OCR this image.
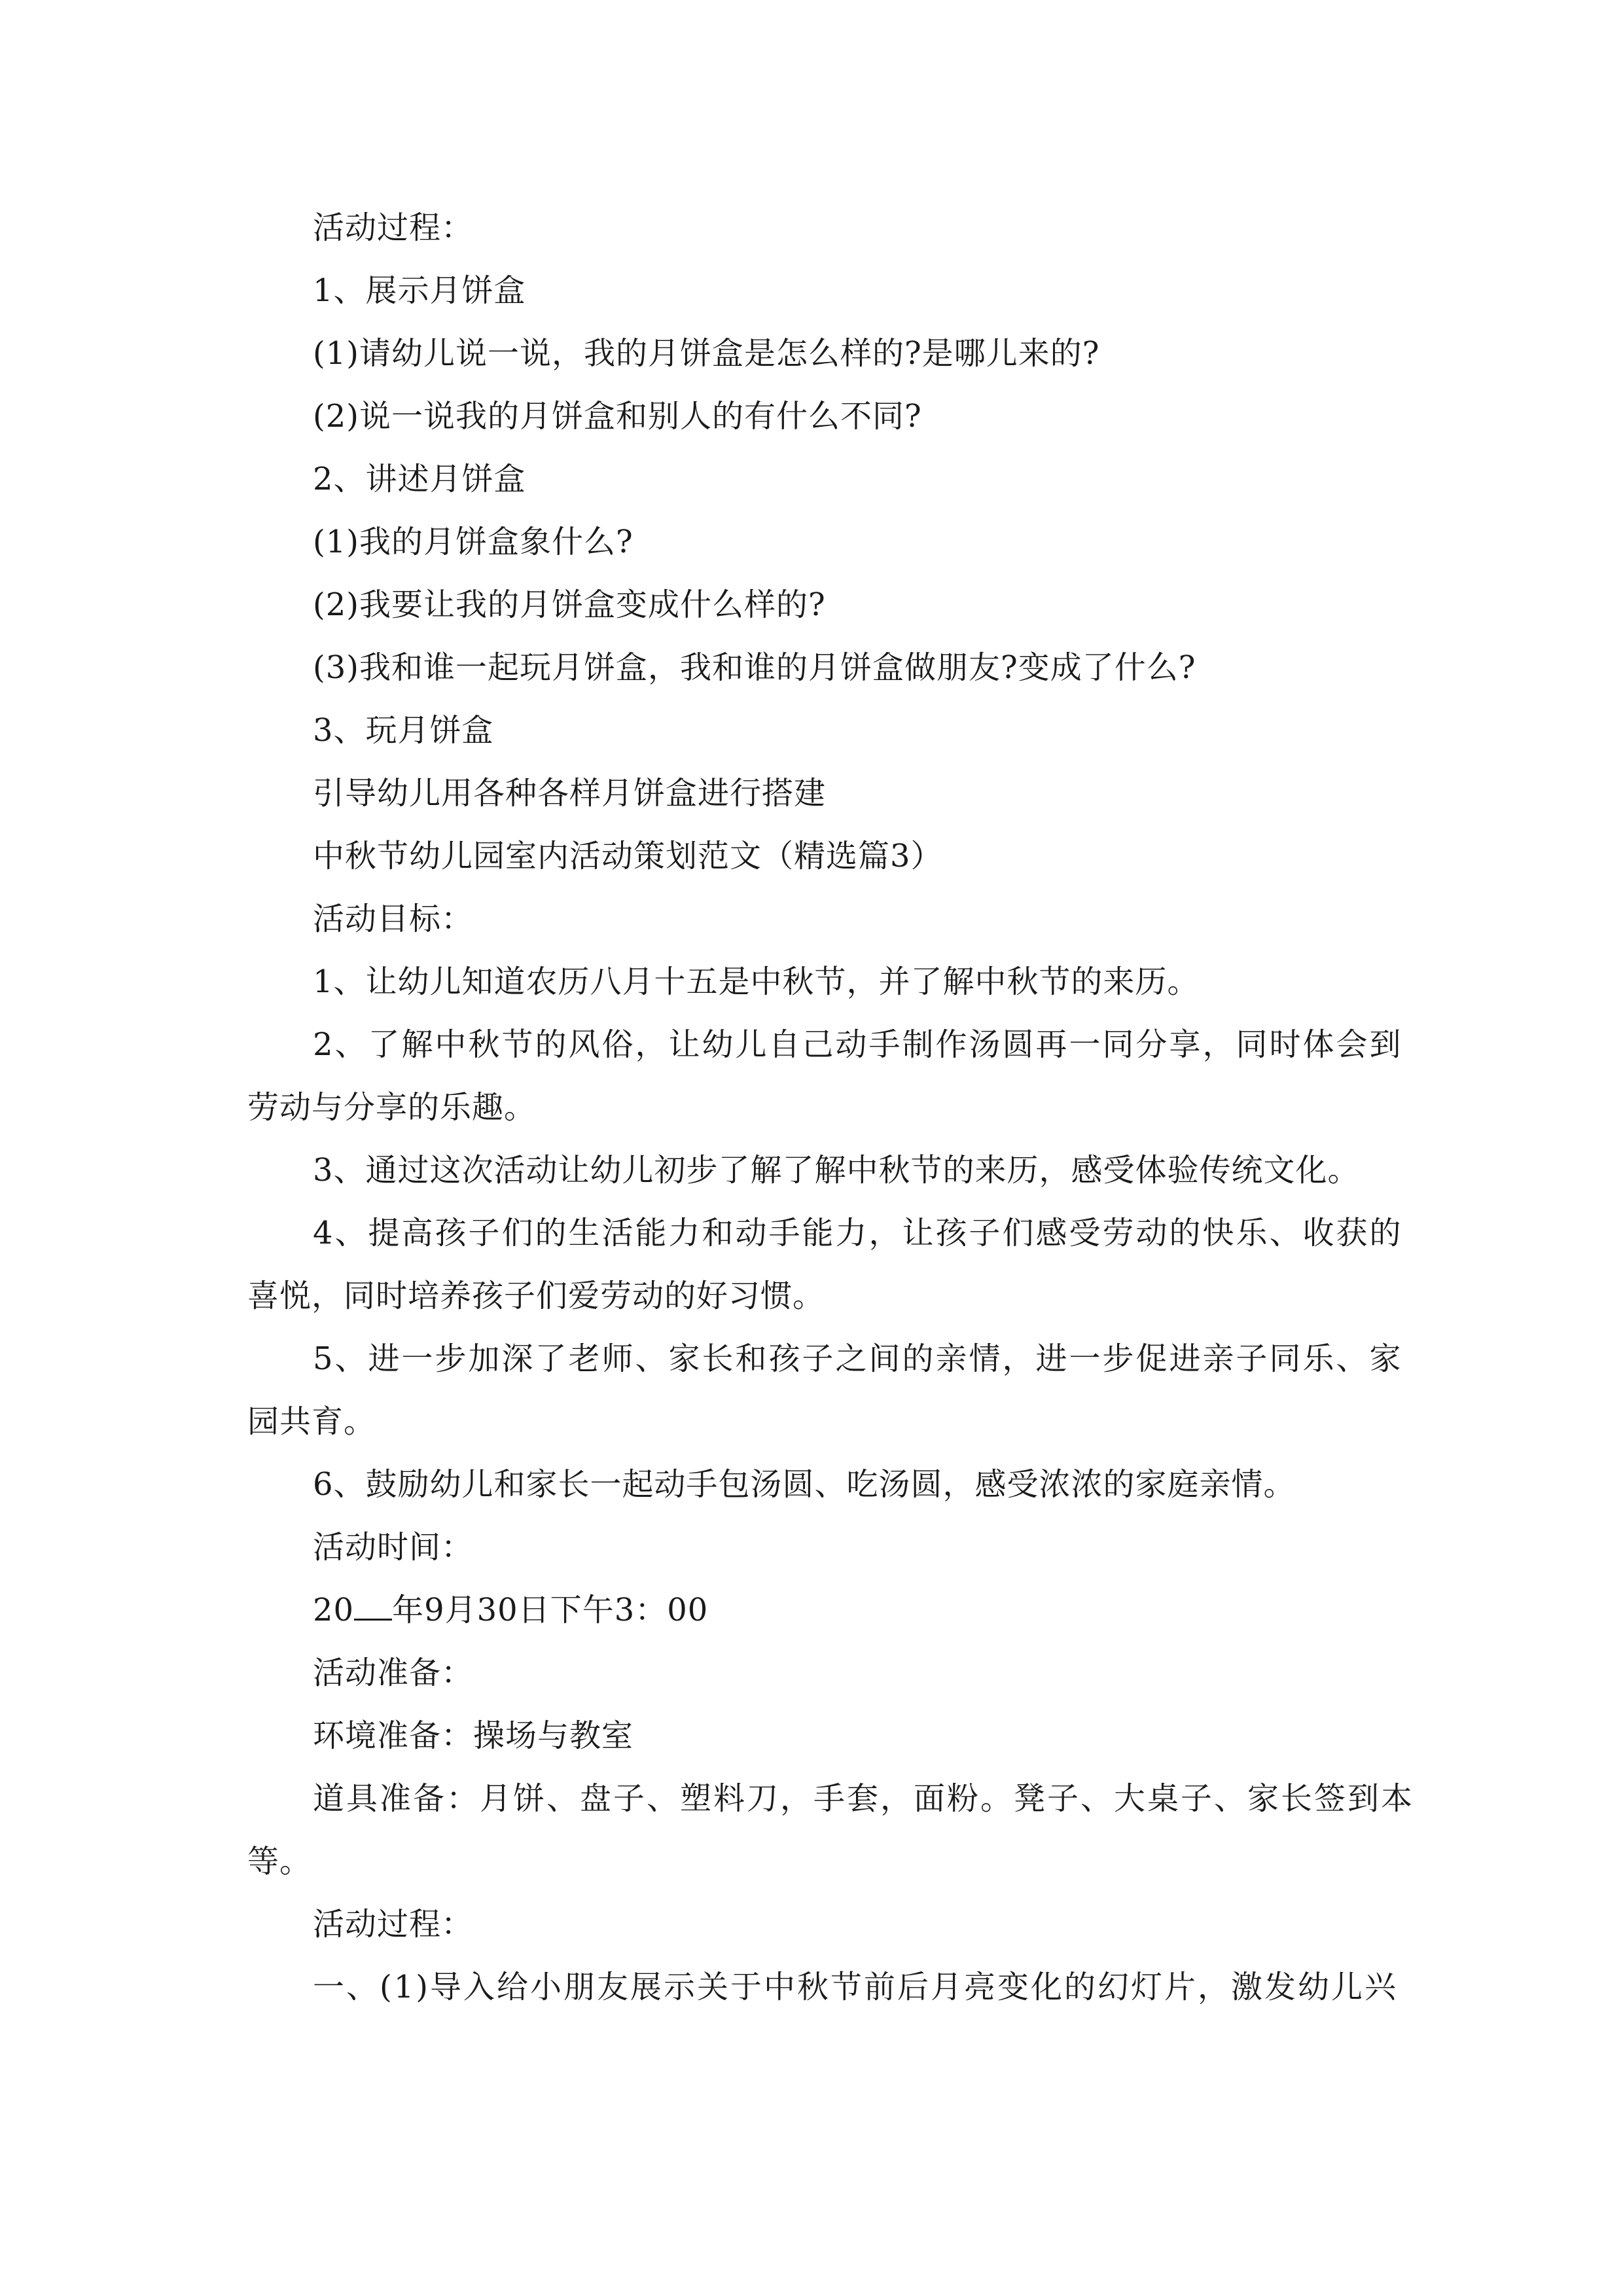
活动过程：
1、展示月饼盒
(1)请幼儿说一说，我的月饼盒是怎么样的?是哪儿来的?
(2)说一说我的月饼盒和别人的有什么不同?
2、讲述月饼盒
(1)我的月饼盒象什么?
(2)我要让我的月饼盒变成什么样的?
(3)我和谁一起玩月饼盒，我和谁的月饼盒做朋友?变成了什么?
3、玩月饼盒
引导幼儿用各种各样月饼盒进行搭建
中秋节幼儿园室内活动策划范文（精选篇3）
活动目标：
1、让幼儿知道农历八月十五是中秋节，并了解中秋节的来历。
2、了解中秋节的风俗，让幼儿自己动手制作汤圆再一同分享，同时体会到
劳动与分享的乐趣。
3、通过这次活动让幼儿初步了解了解中秋节的来历，感受体验传统文化。
4、提高孩子们的生活能力和动手能力，让孩子们感受劳动的快乐、收获的
喜悦，同时培养孩子们爱劳动的好习惯。
5、进一步加深了老师、家长和孩子之间的亲情，进一步促进亲子同乐、家
园共育。
6、鼓励幼儿和家长一起动手包汤圆、吃汤圆，感受浓浓的家庭亲情。
活动时间：
20 年9月30日下午3：00
活动准备：
环境准备：操场与教室
道具准备：月饼、盘子、塑料刀，手套，面粉。凳子、大桌子、家长签到本
等。
活动过程：
一、(1)导入给小朋友展示关于中秋节前后月亮变化的幻灯片，激发幼儿兴
